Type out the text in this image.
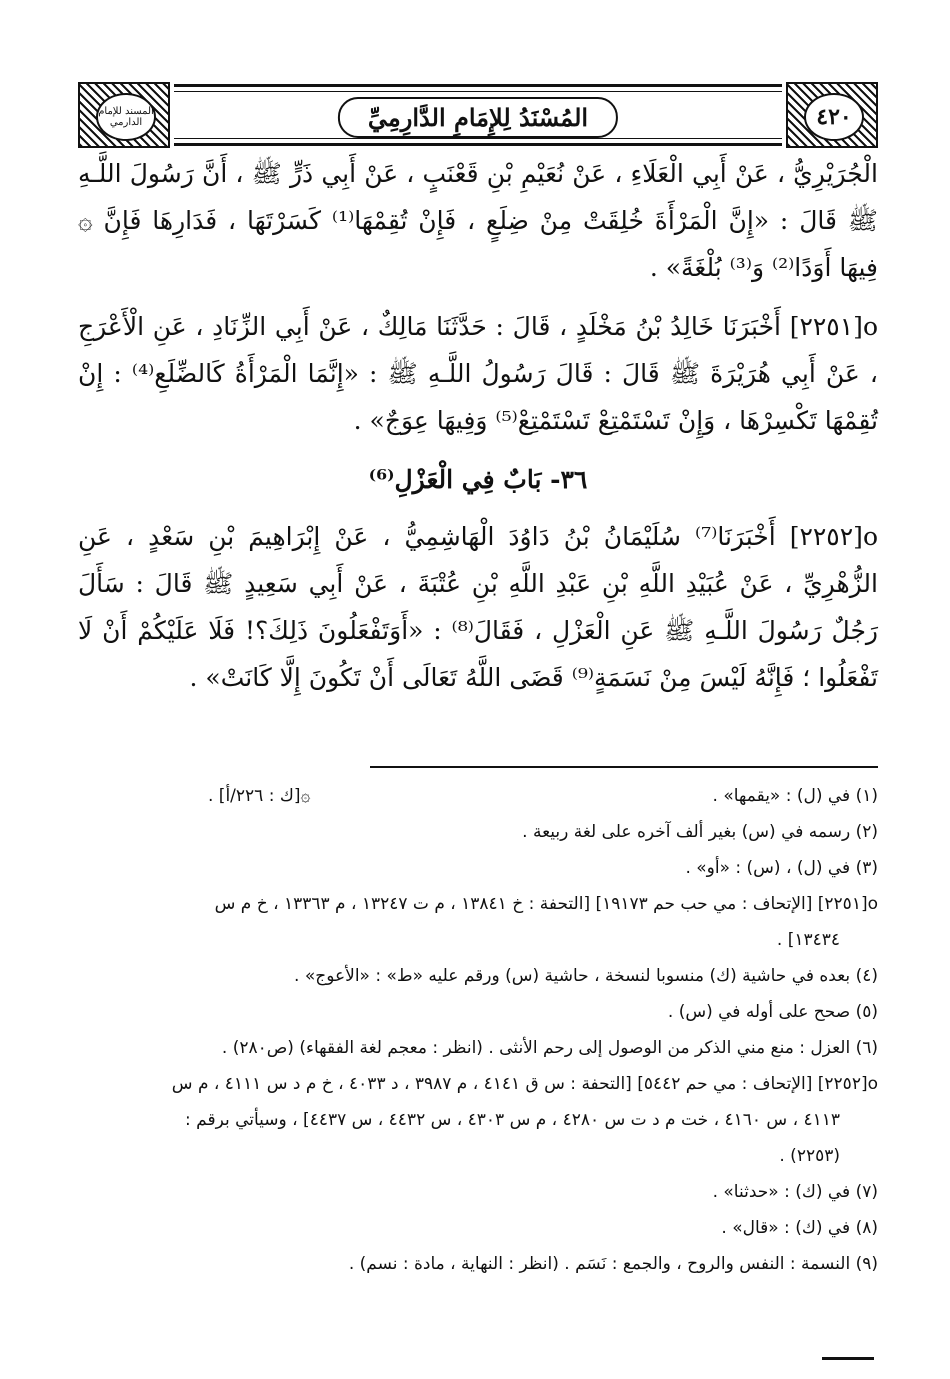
٤٢٠
المُسْنَدُ لِلإِمَامِ الدَّارِمِيِّ
المسند للإمام الدارمي

الْجُرَيْرِيُّ ، عَنْ أَبِي الْعَلَاءِ ، عَنْ نُعَيْمِ بْنِ قَعْنَبٍ ، عَنْ أَبِي ذَرٍّ ﷺ ، أَنَّ رَسُولَ اللَّـهِ ﷺ قَالَ : «إِنَّ الْمَرْأَةَ خُلِقَتْ مِنْ ضِلَعٍ ، فَإِنْ تُقِمْهَا⁽¹⁾ كَسَرْتَهَا ، فَدَارِهَا فَإِنَّ ۞ فِيهَا أَوَدًا⁽²⁾ وَ⁽³⁾ بُلْغَةً» .

o[٢٢٥١] أَخْبَرَنَا خَالِدُ بْنُ مَخْلَدٍ ، قَالَ : حَدَّثَنَا مَالِكٌ ، عَنْ أَبِي الزِّنَادِ ، عَنِ الْأَعْرَجِ ، عَنْ أَبِي هُرَيْرَةَ ﷺ قَالَ : قَالَ رَسُولُ اللَّـهِ ﷺ : «إِنَّمَا الْمَرْأَةُ كَالضِّلَعِ⁽⁴⁾ : إِنْ تُقِمْهَا تَكْسِرْهَا ، وَإِنْ تَسْتَمْتِعْ تَسْتَمْتِعْ⁽⁵⁾ وَفِيهَا عِوَجٌ» .

٣٦- بَابٌ فِي الْعَزْلِ⁽⁶⁾

o[٢٢٥٢] أَخْبَرَنَا⁽⁷⁾ سُلَيْمَانُ بْنُ دَاوُدَ الْهَاشِمِيُّ ، عَنْ إِبْرَاهِيمَ بْنِ سَعْدٍ ، عَنِ الزُّهْرِيِّ ، عَنْ عُبَيْدِ اللَّهِ بْنِ عَبْدِ اللَّهِ بْنِ عُتْبَةَ ، عَنْ أَبِي سَعِيدٍ ﷺ قَالَ : سَأَلَ رَجُلٌ رَسُولَ اللَّـهِ ﷺ عَنِ الْعَزْلِ ، فَقَالَ⁽⁸⁾ : «أَوَتَفْعَلُونَ ذَلِكَ؟! فَلَا عَلَيْكُمْ أَنْ لَا تَفْعَلُوا ؛ فَإِنَّهُ لَيْسَ مِنْ نَسَمَةٍ⁽⁹⁾ قَضَى اللَّهُ تَعَالَى أَنْ تَكُونَ إِلَّا كَانَتْ» .

(١) في (ل) : «يقمها» .
۞[ك : ٢٢٦/أ] .

(٢) رسمه في (س) بغير ألف آخره على لغة ربيعة .

(٣) في (ل) ، (س) : «أو» .

o[٢٢٥١] [الإتحاف : مي حب حم ١٩١٧٣] [التحفة : خ ١٣٨٤١ ، م ت ١٣٢٤٧ ، م ١٣٣٦٣ ، خ م س

١٣٤٣٤] .

(٤) بعده في حاشية (ك) منسوبا لنسخة ، حاشية (س) ورقم عليه «ط» : «الأعوج» .

(٥) صحح على أوله في (س) .

(٦) العزل : منع مني الذكر من الوصول إلى رحم الأنثى . (انظر : معجم لغة الفقهاء) (ص٢٨٠) .

o[٢٢٥٢] [الإتحاف : مي حم ٥٤٤٢] [التحفة : س ق ٤١٤١ ، م ٣٩٨٧ ، د ٤٠٣٣ ، خ م د س ٤١١١ ، م س

٤١١٣ ، س ٤١٦٠ ، خت م د ت س ٤٢٨٠ ، م س ٤٣٠٣ ، س ٤٤٣٢ ، س ٤٤٣٧] ، وسيأتي برقم :

(٢٢٥٣) .

(٧) في (ك) : «حدثنا» .

(٨) في (ك) : «قال» .

(٩) النسمة : النفس والروح ، والجمع : نَسَم . (انظر : النهاية ، مادة : نسم) .
